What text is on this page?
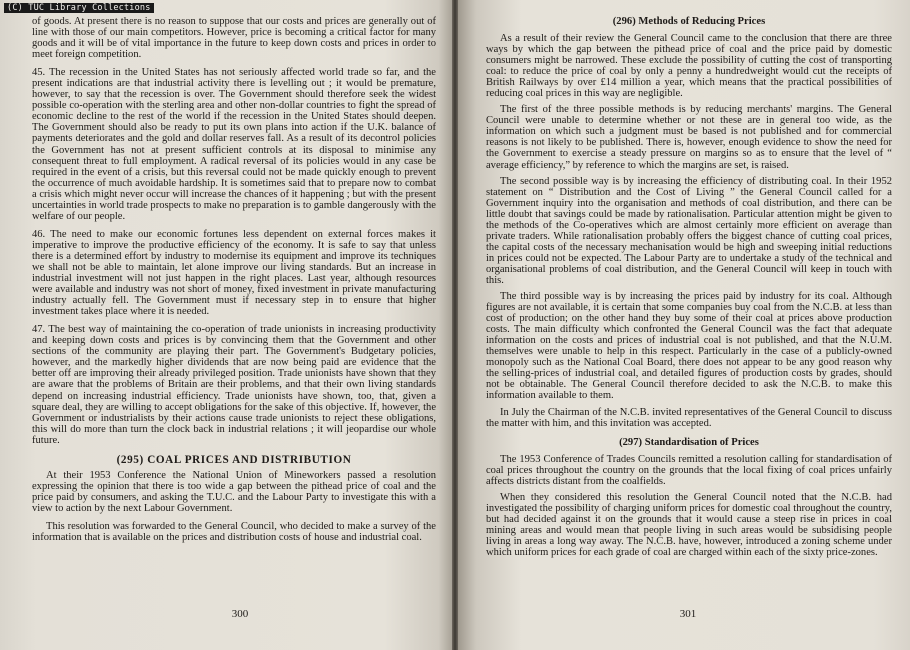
(C) TUC Library Collections

of goods. At present there is no reason to suppose that our costs and prices are generally out of line with those of our main competitors. However, price is becoming a critical factor for many goods and it will be of vital importance in the future to keep down costs and prices in order to meet foreign competition.

45. The recession in the United States has not seriously affected world trade so far, and the present indications are that industrial activity there is levelling out ; it would be premature, however, to say that the recession is over. The Government should therefore seek the widest possible co-operation with the sterling area and other non-dollar countries to fight the spread of economic decline to the rest of the world if the recession in the United States should deepen. The Government should also be ready to put its own plans into action if the U.K. balance of payments deteriorates and the gold and dollar reserves fall. As a result of its decontrol policies the Government has not at present sufficient controls at its disposal to minimise any consequent threat to full employment. A radical reversal of its policies would in any case be required in the event of a crisis, but this reversal could not be made quickly enough to prevent the occurrence of much avoidable hardship. It is sometimes said that to prepare now to combat a crisis which might never occur will increase the chances of it happening ; but with the present uncertainties in world trade prospects to make no preparation is to gamble dangerously with the welfare of our people.

46. The need to make our economic fortunes less dependent on external forces makes it imperative to improve the productive efficiency of the economy. It is safe to say that unless there is a determined effort by industry to modernise its equipment and improve its techniques we shall not be able to maintain, let alone improve our living standards. But an increase in industrial investment will not just happen in the right places. Last year, although resources were available and industry was not short of money, fixed investment in private manufacturing industry actually fell. The Government must if necessary step in to ensure that higher investment takes place where it is needed.

47. The best way of maintaining the co-operation of trade unionists in increasing productivity and keeping down costs and prices is by convincing them that the Government and other sections of the community are playing their part. The Government's Budgetary policies, however, and the markedly higher dividends that are now being paid are evidence that the better off are improving their already privileged position. Trade unionists have shown that they are aware that the problems of Britain are their problems, and that their own living standards depend on increasing industrial efficiency. Trade unionists have shown, too, that, given a square deal, they are willing to accept obligations for the sake of this objective. If, however, the Government or industrialists by their actions cause trade unionists to reject these obligations, this will do more than turn the clock back in industrial relations ; it will jeopardise our whole future.

(295) COAL PRICES AND DISTRIBUTION

At their 1953 Conference the National Union of Mineworkers passed a resolution expressing the opinion that there is too wide a gap between the pithead price of coal and the price paid by consumers, and asking the T.U.C. and the Labour Party to investigate this with a view to action by the next Labour Government.

This resolution was forwarded to the General Council, who decided to make a survey of the information that is available on the prices and distribution costs of house and industrial coal.

300
(296) Methods of Reducing Prices

As a result of their review the General Council came to the conclusion that there are three ways by which the gap between the pithead price of coal and the price paid by domestic consumers might be narrowed. These exclude the possibility of cutting the cost of transporting coal: to reduce the price of coal by only a penny a hundredweight would cut the receipts of British Railways by over £14 million a year, which means that the practical possibilities of reducing coal prices in this way are negligible.

The first of the three possible methods is by reducing merchants' margins. The General Council were unable to determine whether or not these are in general too wide, as the information on which such a judgment must be based is not published and for commercial reasons is not likely to be published. There is, however, enough evidence to show the need for the Government to exercise a steady pressure on margins so as to ensure that the level of “ average efficiency,” by reference to which the margins are set, is raised.

The second possible way is by increasing the efficiency of distributing coal. In their 1952 statement on “ Distribution and the Cost of Living ” the General Council called for a Government inquiry into the organisation and methods of coal distribution, and there can be little doubt that savings could be made by rationalisation. Particular attention might be given to the methods of the Co-operatives which are almost certainly more efficient on average than private traders. While rationalisation probably offers the biggest chance of cutting coal prices, the capital costs of the necessary mechanisation would be high and sweeping initial reductions in prices could not be expected. The Labour Party are to undertake a study of the technical and organisational problems of coal distribution, and the General Council will keep in touch with this.

The third possible way is by increasing the prices paid by industry for its coal. Although figures are not available, it is certain that some companies buy coal from the N.C.B. at less than cost of production; on the other hand they buy some of their coal at prices above production costs. The main difficulty which confronted the General Council was the fact that adequate information on the costs and prices of industrial coal is not published, and that the N.U.M. themselves were unable to help in this respect. Particularly in the case of a publicly-owned monopoly such as the National Coal Board, there does not appear to be any good reason why the selling-prices of industrial coal, and detailed figures of production costs by grades, should not be obtainable. The General Council therefore decided to ask the N.C.B. to make this information available to them.

In July the Chairman of the N.C.B. invited representatives of the General Council to discuss the matter with him, and this invitation was accepted.

(297) Standardisation of Prices

The 1953 Conference of Trades Councils remitted a resolution calling for standardisation of coal prices throughout the country on the grounds that the local fixing of coal prices unfairly affects districts distant from the coalfields.

When they considered this resolution the General Council noted that the N.C.B. had investigated the possibility of charging uniform prices for domestic coal throughout the country, but had decided against it on the grounds that it would cause a steep rise in prices in coal mining areas and would mean that people living in such areas would be subsidising people living in areas a long way away. The N.C.B. have, however, introduced a zoning scheme under which uniform prices for each grade of coal are charged within each of the sixty price-zones.

301
